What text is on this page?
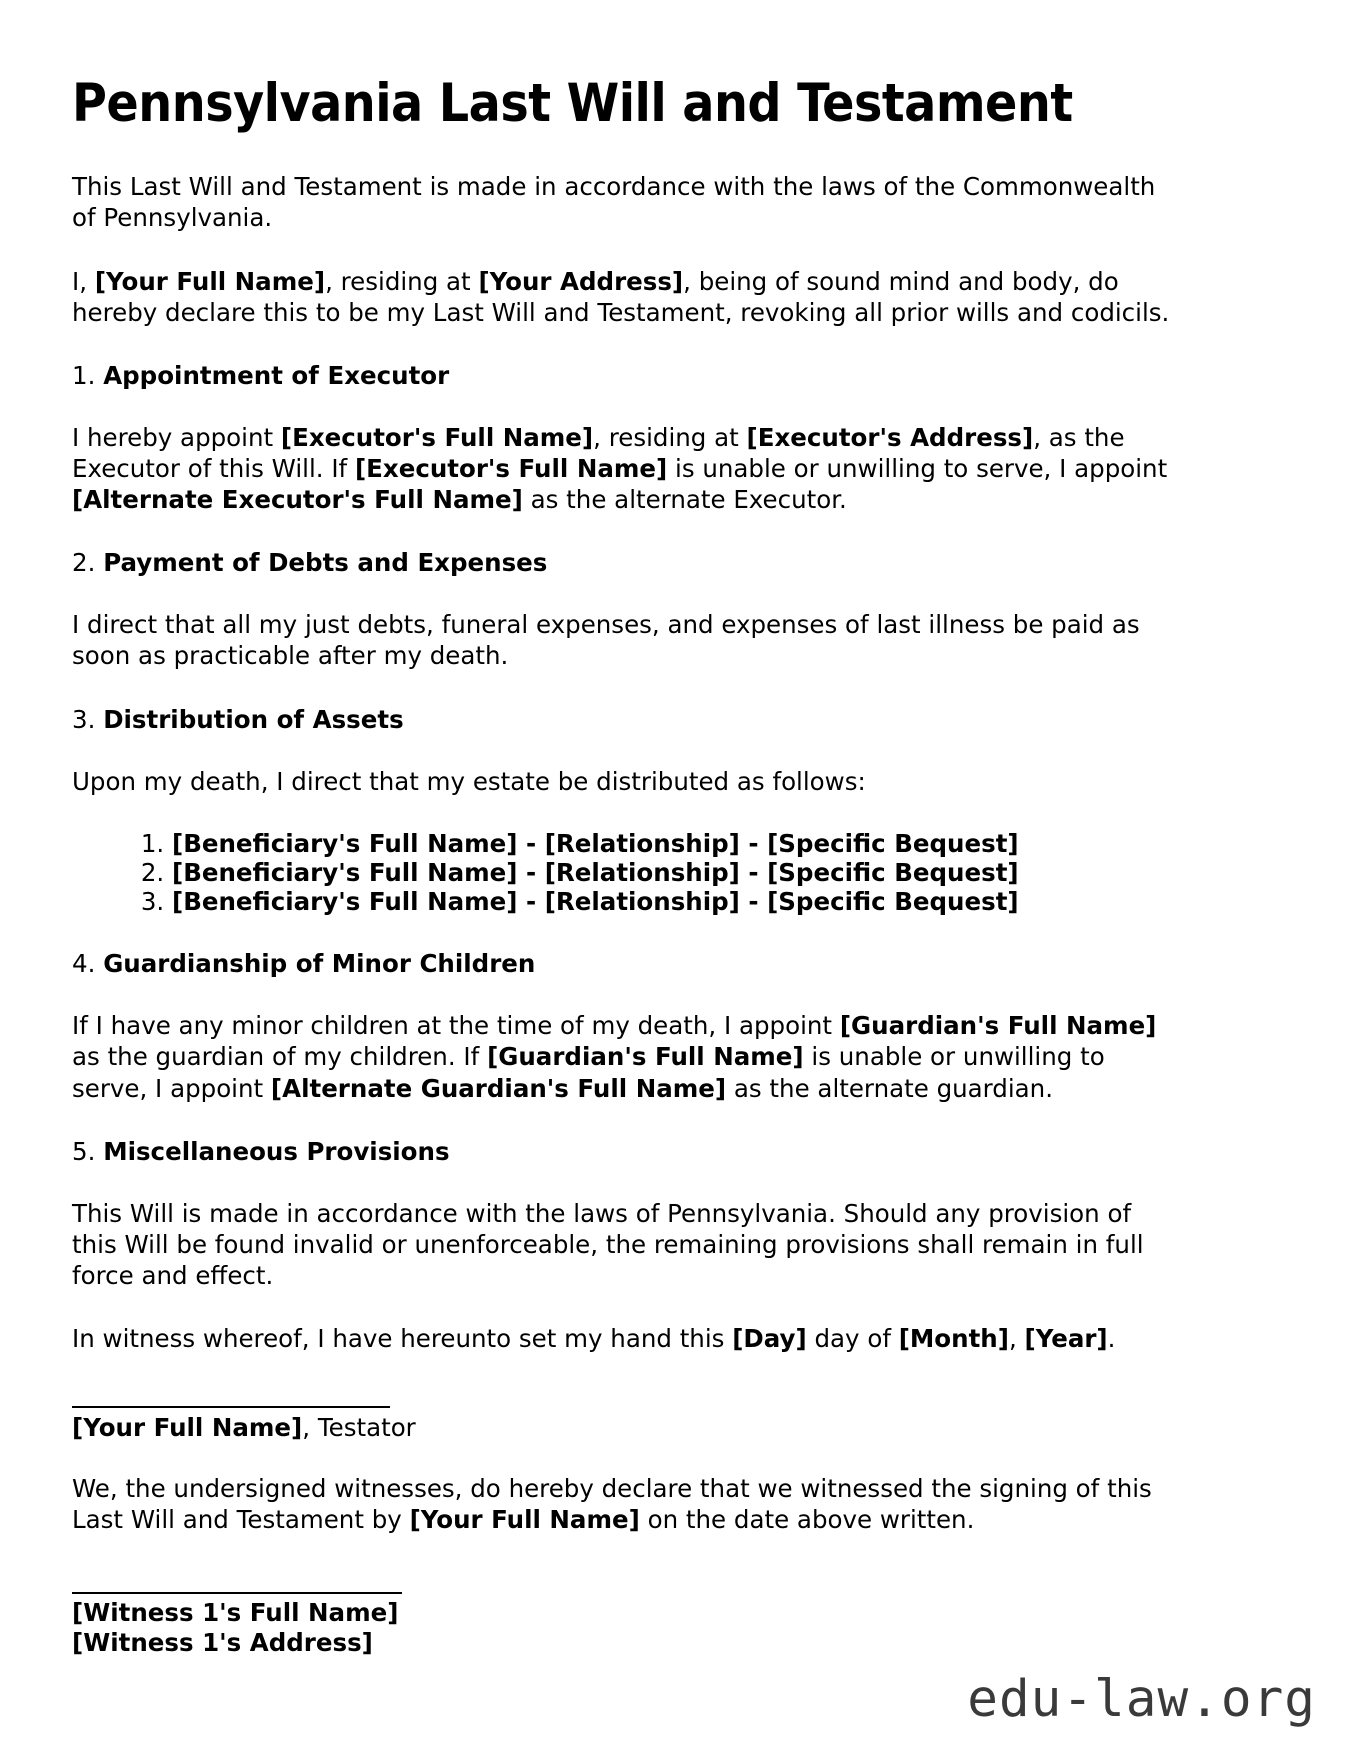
Pennsylvania Last Will and Testament

This Last Will and Testament is made in accordance with the laws of the Commonwealth of Pennsylvania.

I, [Your Full Name], residing at [Your Address], being of sound mind and body, do hereby declare this to be my Last Will and Testament, revoking all prior wills and codicils.

1. Appointment of Executor

I hereby appoint [Executor's Full Name], residing at [Executor's Address], as the Executor of this Will. If [Executor's Full Name] is unable or unwilling to serve, I appoint [Alternate Executor's Full Name] as the alternate Executor.

2. Payment of Debts and Expenses

I direct that all my just debts, funeral expenses, and expenses of last illness be paid as soon as practicable after my death.

3. Distribution of Assets

Upon my death, I direct that my estate be distributed as follows:

1. [Beneficiary's Full Name] - [Relationship] - [Specific Bequest]
2. [Beneficiary's Full Name] - [Relationship] - [Specific Bequest]
3. [Beneficiary's Full Name] - [Relationship] - [Specific Bequest]
4. Guardianship of Minor Children

If I have any minor children at the time of my death, I appoint [Guardian's Full Name] as the guardian of my children. If [Guardian's Full Name] is unable or unwilling to serve, I appoint [Alternate Guardian's Full Name] as the alternate guardian.

5. Miscellaneous Provisions

This Will is made in accordance with the laws of Pennsylvania. Should any provision of this Will be found invalid or unenforceable, the remaining provisions shall remain in full force and effect.

In witness whereof, I have hereunto set my hand this [Day] day of [Month], [Year].

[Your Full Name], Testator

We, the undersigned witnesses, do hereby declare that we witnessed the signing of this Last Will and Testament by [Your Full Name] on the date above written.

[Witness 1's Full Name]

[Witness 1's Address]

edu-law.org
